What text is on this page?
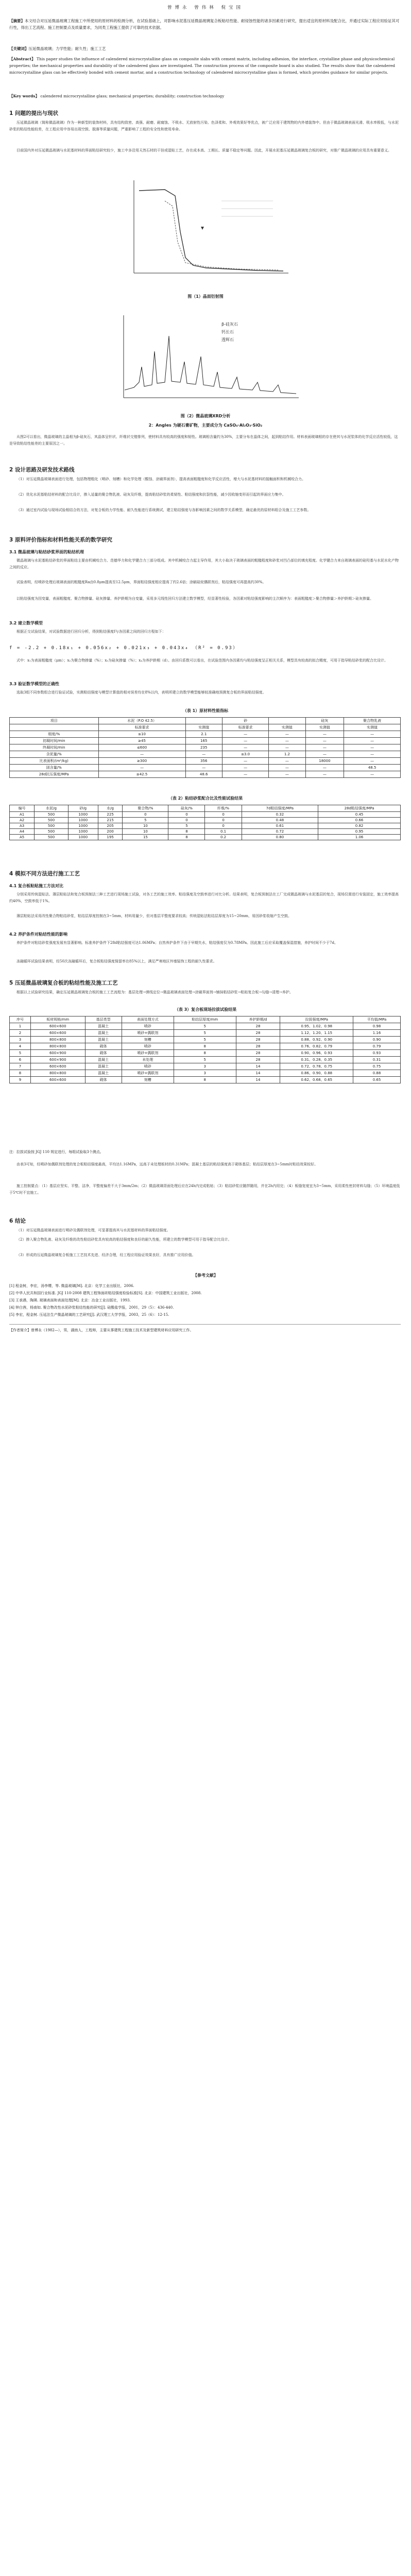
曾博永 曾伟林 倪宝国
【摘要】本文结合对压延微晶玻璃工程施工中所使用的原材料的检测分析，在试验基础上，对影响水泥基压延微晶玻璃复合板粘结性能、耐侵蚀性能的诸多因素进行研究，提出适宜的原材料及配合比，并通过实际工程应用验证其可行性，得出工艺流程、施工控制要点及质量要求，为同类工程施工提供了可靠的技术依据。
【关键词】压延微晶玻璃；力学性能；耐久性；施工工艺
【Abstract】 This paper studies the influence of calendered microcrystalline glass on composite slabs with cement matrix, including adhesion, the interface, crystalline phase and physicochemical properties; the mechanical properties and durability of the calendered glass are investigated. The construction process of the composite board is also studied. The results show that the calendered microcrystalline glass can be effectively bonded with cement mortar, and a construction technology of calendered microcrystalline glass is formed, which provides guidance for similar projects.
【Key words】 calendered microcrystalline glass; mechanical properties; durability; construction technology
1 问题的提出与现状
压延微晶玻璃（简称微晶玻璃）作为一种新型的装饰材料，具有结构致密、高强、耐磨、耐腐蚀、不吸水、无放射性污染、色泽柔和、外观效果好等优点，被广泛应用于建筑物的内外墙装饰中。但由于微晶玻璃表面光滑、吸水率极低，与水泥砂浆的粘结性能较差，在工程应用中容易出现空鼓、脱落等质量问题，严重影响了工程的安全性和使用寿命。
目前国内外对压延微晶玻璃与水泥基材料的界面粘结研究较少，施工中多沿用天然石材的干挂或湿贴工艺，存在成本高、工期长、质量不稳定等问题。因此，开展水泥基压延微晶玻璃复合板的研究，对推广微晶玻璃的应用具有重要意义。
图（1）晶面衍射图
β-硅灰石
钙长石
透辉石
图（2）微晶玻璃XRD分析
2：Angles 为硬石膏矿物，主要成分为 CaSO₄·Al₂O₃·SiO₂
从图2可以看出，微晶玻璃的主晶相为β-硅灰石，其晶体呈针状、纤维状交错排列，使材料具有较高的强度和韧性。玻璃相含量约为30%，主要分布在晶体之间，起到粘结作用。材料表面玻璃相的存在使其与水泥浆体的化学反应活性较低，这是导致粘结性能差的主要原因之一。
2 设计思路及研发技术路线
（1）对压延微晶玻璃表面进行处理，包括物理粗化（喷砂、刻槽）和化学处理（酸蚀、涂刷界面剂），提高表面粗糙度和化学反应活性，增大与水泥基材料的接触面积和机械咬合力。
（2）优化水泥基粘结材料的配合比设计，掺入适量的聚合物乳液、硅灰及纤维，提高粘结砂浆的柔韧性、粘结强度和抗裂性能，减少因收缩变形而引起的界面应力集中。
（3）通过室内试验与现场试验相结合的方法，对复合板的力学性能、耐久性能进行系统测试，建立粘结强度与各影响因素之间的数学关系模型，确定最优的原材料组合及施工工艺参数。
3 原料评价指标和材料性能关系的数学研究
3.1 微晶玻璃与粘结砂浆界面的粘结机理
微晶玻璃与水泥基粘结砂浆的界面粘结主要由机械咬合力、范德华力和化学键合力三部分组成。其中机械咬合力起主导作用，其大小取决于玻璃表面的粗糙程度和砂浆对凹凸部位的填充程度。化学键合力来自玻璃表面的硅羟基与水泥水化产物之间的反应。
试验表明，经喷砂处理后玻璃表面的粗糙度Ra由0.8μm提高至12.5μm，界面粘结强度相应提高了约2.6倍；涂刷硅烷偶联剂后，粘结强度可再提高约30%。
以粘结强度为因变量，表面粗糙度、聚合物掺量、硅灰掺量、养护龄期为自变量，采用多元线性回归方法建立数学模型，经显著性检验，各因素对粘结强度影响的主次顺序为：表面粗糙度＞聚合物掺量＞养护龄期＞硅灰掺量。
3.2 建立数学模型
根据正交试验结果，对试验数据进行回归分析，得到粘结强度f与各因素之间的回归方程如下：
f = -2.2 + 0.18x₁ + 0.056x₂ + 0.021x₃ + 0.043x₄ （R² = 0.93）
式中：x₁为表面粗糙度（μm）；x₂为聚合物掺量（%）；x₃为硅灰掺量（%）；x₄为养护龄期（d）。由回归系数可以看出，在试验范围内各因素均与粘结强度呈正相关关系，模型具有较高的拟合精度，可用于指导粘结砂浆的配合比设计。
3.3 验证数学模型的正确性
选取3组不同参数组合进行验证试验，实测粘结强度与模型计算值的相对误差均在8%以内，表明所建立的数学模型能够较准确地预测复合板的界面粘结强度。
（表 1）原材料性能指标
项目	水泥（P.O 42.5）		砂		硅灰	聚合物乳液
	标准要求	实测值	标准要求	实测值	实测值	实测值
细度/%	≤10	2.1	—	—	—	—
初凝时间/min	≥45	165	—	—	—	—
终凝时间/min	≤600	235	—	—	—	—
含泥量/%	—	—	≤3.0	1.2	—	—
比表面积/(m²/kg)	≥300	356	—	—	18000	—
固含量/%	—	—	—	—	—	48.5
28d抗压强度/MPa	≥42.5	48.6	—	—	—	—
（表 2）粘结砂浆配合比及性能试验结果
编号	水泥/g	砂/g	水/g	聚合物/%	硅灰/%	纤维/%	7d粘结强度/MPa	28d粘结强度/MPa
A1	500	1000	225	0	0	0	0.32	0.45
A2	500	1000	215	5	0	0	0.48	0.66
A3	500	1000	205	10	5	0	0.61	0.82
A4	500	1000	200	10	8	0.1	0.72	0.95
A5	500	1000	195	15	8	0.2	0.80	1.06
4 模拟不同方法进行施工工艺
4.1 复合板粘贴施工方法对比
分别采用传统湿贴法、薄层粘贴法和复合板预制法三种工艺进行现场施工试验，对各工艺的施工效率、粘结强度及空鼓率进行对比分析。结果表明，复合板预制法在工厂完成微晶玻璃与水泥基层的复合，现场仅需进行安装固定，施工效率提高约40%，空鼓率低于1%。
薄层粘贴法采用改性聚合物粘结砂浆，粘结层厚度控制在3~5mm，材料用量少，但对基层平整度要求较高；传统湿贴法粘结层厚度为15~20mm，易因砂浆收缩产生空鼓。
4.2 养护条件对粘结性能的影响
养护条件对粘结砂浆强度发展有显著影响。标准养护条件下28d粘结强度可达1.06MPa；自然养护条件下由于早期失水，粘结强度仅为0.78MPa。因此施工后应采取覆盖保湿措施，养护时间不少于7d。
冻融循环试验结果表明，经50次冻融循环后，复合板粘结强度保留率在85%以上，满足严寒地区外墙装饰工程的耐久性要求。
5 压延微晶玻璃复合板的粘结性能及施工工艺
根据以上试验研究结果，确定压延微晶玻璃复合板的施工工艺流程为：基层处理→弹线定位→微晶玻璃表面处理→涂刷界面剂→铺抹粘结砂浆→粘贴复合板→勾缝→清理→养护。
（表 3）复合板现场拉拔试验结果
序号	板材规格/mm	基层类型	表面处理方式	粘结层厚度/mm	养护龄期/d	拉拔强度/MPa	平均值/MPa
1	600×600	混凝土	喷砂	5	28	0.95、1.02、0.98	0.98
2	600×600	混凝土	喷砂+偶联剂	5	28	1.12、1.20、1.15	1.16
3	800×800	混凝土	刻槽	5	28	0.88、0.92、0.90	0.90
4	800×800	砌体	喷砂	8	28	0.76、0.82、0.79	0.79
5	600×900	砌体	喷砂+偶联剂	8	28	0.90、0.96、0.93	0.93
6	600×900	混凝土	未处理	5	28	0.31、0.28、0.35	0.31
7	600×600	混凝土	喷砂	3	14	0.72、0.78、0.75	0.75
8	800×800	混凝土	喷砂+偶联剂	3	14	0.86、0.90、0.88	0.88
9	600×600	砌体	刻槽	8	14	0.62、0.68、0.65	0.65
注：拉拔试验按 JGJ 110 规定进行，每组试验取3个测点。
由表3可知，经喷砂加偶联剂处理的复合板粘结强度最高，平均达1.16MPa，远高于未处理板材的0.31MPa；混凝土基层的粘结强度高于砌体基层；粘结层厚度在3~5mm时粘结效果较好。
施工控制要点：（1）基层应坚实、平整、洁净，平整度偏差不大于3mm/2m；（2）微晶玻璃背面处理后应在24h内完成粘贴；（3）粘结砂浆应随拌随用，并在2h内用完；（4）板缝宽度宜为3~5mm，采用柔性密封材料勾缝；（5）环境温度低于5℃时不宜施工。
6 结论
（1）对压延微晶玻璃表面进行喷砂及偶联剂处理，可显著提高其与水泥基材料的界面粘结强度。
（2）掺入聚合物乳液、硅灰及纤维的改性粘结砂浆具有较高的粘结强度和良好的耐久性能，所建立的数学模型可用于指导配合比设计。
（3）形成的压延微晶玻璃复合板施工工艺技术先进、经济合理，经工程应用验证效果良好，具有推广应用价值。
【参考文献】
[1] 程金树，李宏，汤李缨，等. 微晶玻璃[M]. 北京：化学工业出版社，2006.
[2] 中华人民共和国行业标准. JGJ 110-2008 建筑工程饰面砖粘结强度检验标准[S]. 北京：中国建筑工业出版社，2008.
[3] 王承遇，陶瑛. 玻璃表面和表面处理[M]. 北京：冶金工业出版社，1993.
[4] 钟白茜，杨南如. 聚合物改性水泥砂浆粘结性能的研究[J]. 硅酸盐学报，2001，29（5）：436-440.
[5] 李宏，程金树. 压延法生产微晶玻璃的工艺研究[J]. 武汉理工大学学报，2003，25（6）：12-15.
【作者简介】曾博永（1982—），男，湖南人，工程师，主要从事建筑工程施工技术及新型建筑材料应用研究工作。
